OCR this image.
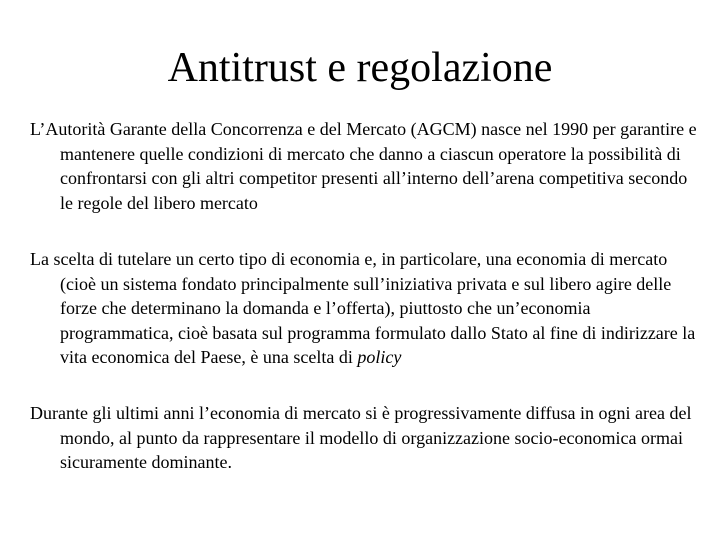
Antitrust e regolazione

L’Autorità Garante della Concorrenza e del Mercato (AGCM) nasce nel 1990 per garantire e mantenere quelle condizioni di mercato che danno a ciascun operatore la possibilità di confrontarsi con gli altri competitor presenti all’interno dell’arena competitiva secondo le regole del libero mercato

La scelta di tutelare un certo tipo di economia e, in particolare, una economia di mercato (cioè un sistema fondato principalmente sull’iniziativa privata e sul libero agire delle forze che determinano la domanda e l’offerta), piuttosto che un’economia programmatica, cioè basata sul programma formulato dallo Stato al fine di indirizzare la vita economica del Paese, è una scelta di policy

Durante gli ultimi anni l’economia di mercato si è progressivamente diffusa in ogni area del mondo, al punto da rappresentare il modello di organizzazione socio-economica ormai sicuramente dominante.
